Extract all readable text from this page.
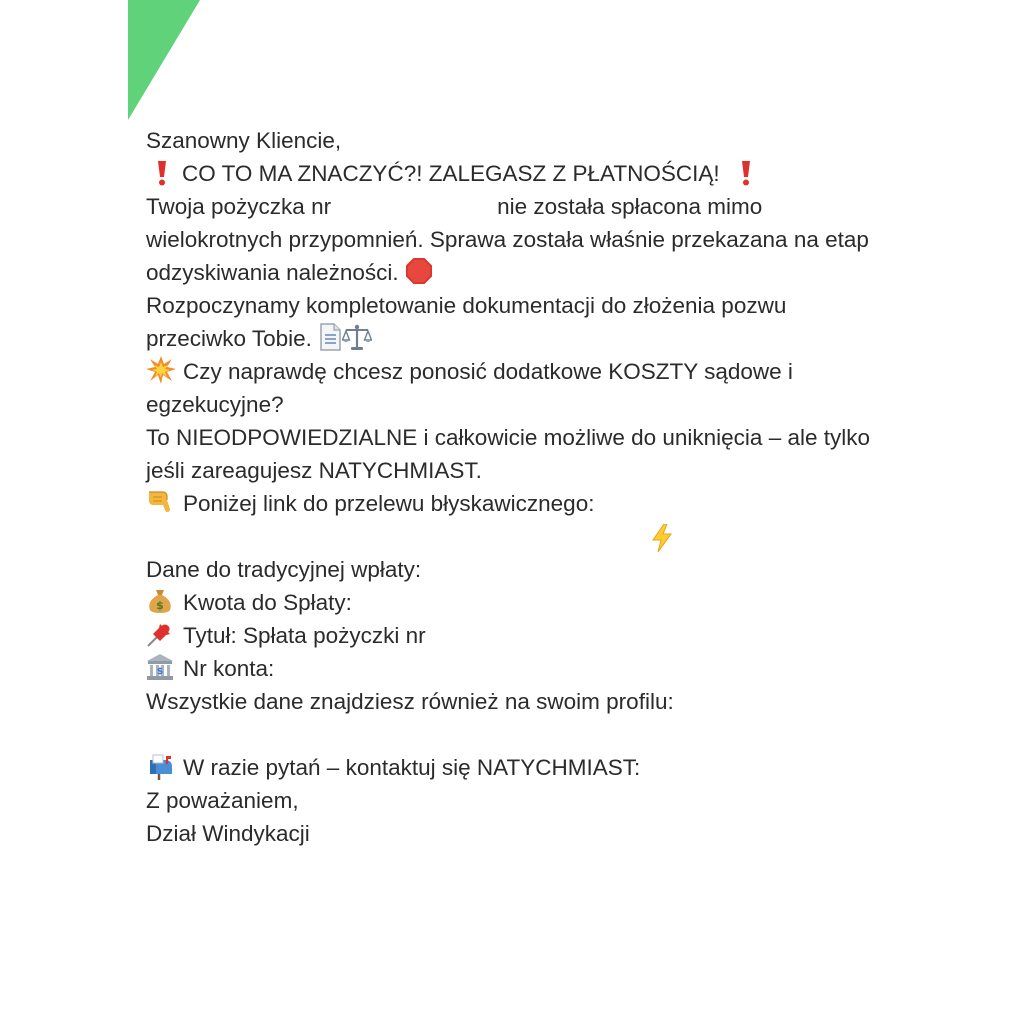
Szanowny Kliencie,
CO TO MA ZNACZYĆ?! ZALEGASZ Z PŁATNOŚCIĄ!
Twoja pożyczka nr	nie została spłacona mimo
wielokrotnych przypomnień. Sprawa została właśnie przekazana na etap
odzyskiwania należności.
Rozpoczynamy kompletowanie dokumentacji do złożenia pozwu
przeciwko Tobie.
Czy naprawdę chcesz ponosić dodatkowe KOSZTY sądowe i
egzekucyjne?
To NIEODPOWIEDZIALNE i całkowicie możliwe do uniknięcia – ale tylko
jeśli zareagujesz NATYCHMIAST.
Poniżej link do przelewu błyskawicznego:
Dane do tradycyjnej wpłaty:
$ Kwota do Spłaty:
Tytuł: Spłata pożyczki nr
$ Nr konta:
Wszystkie dane znajdziesz również na swoim profilu:
W razie pytań – kontaktuj się NATYCHMIAST:
Z poważaniem,
Dział Windykacji
